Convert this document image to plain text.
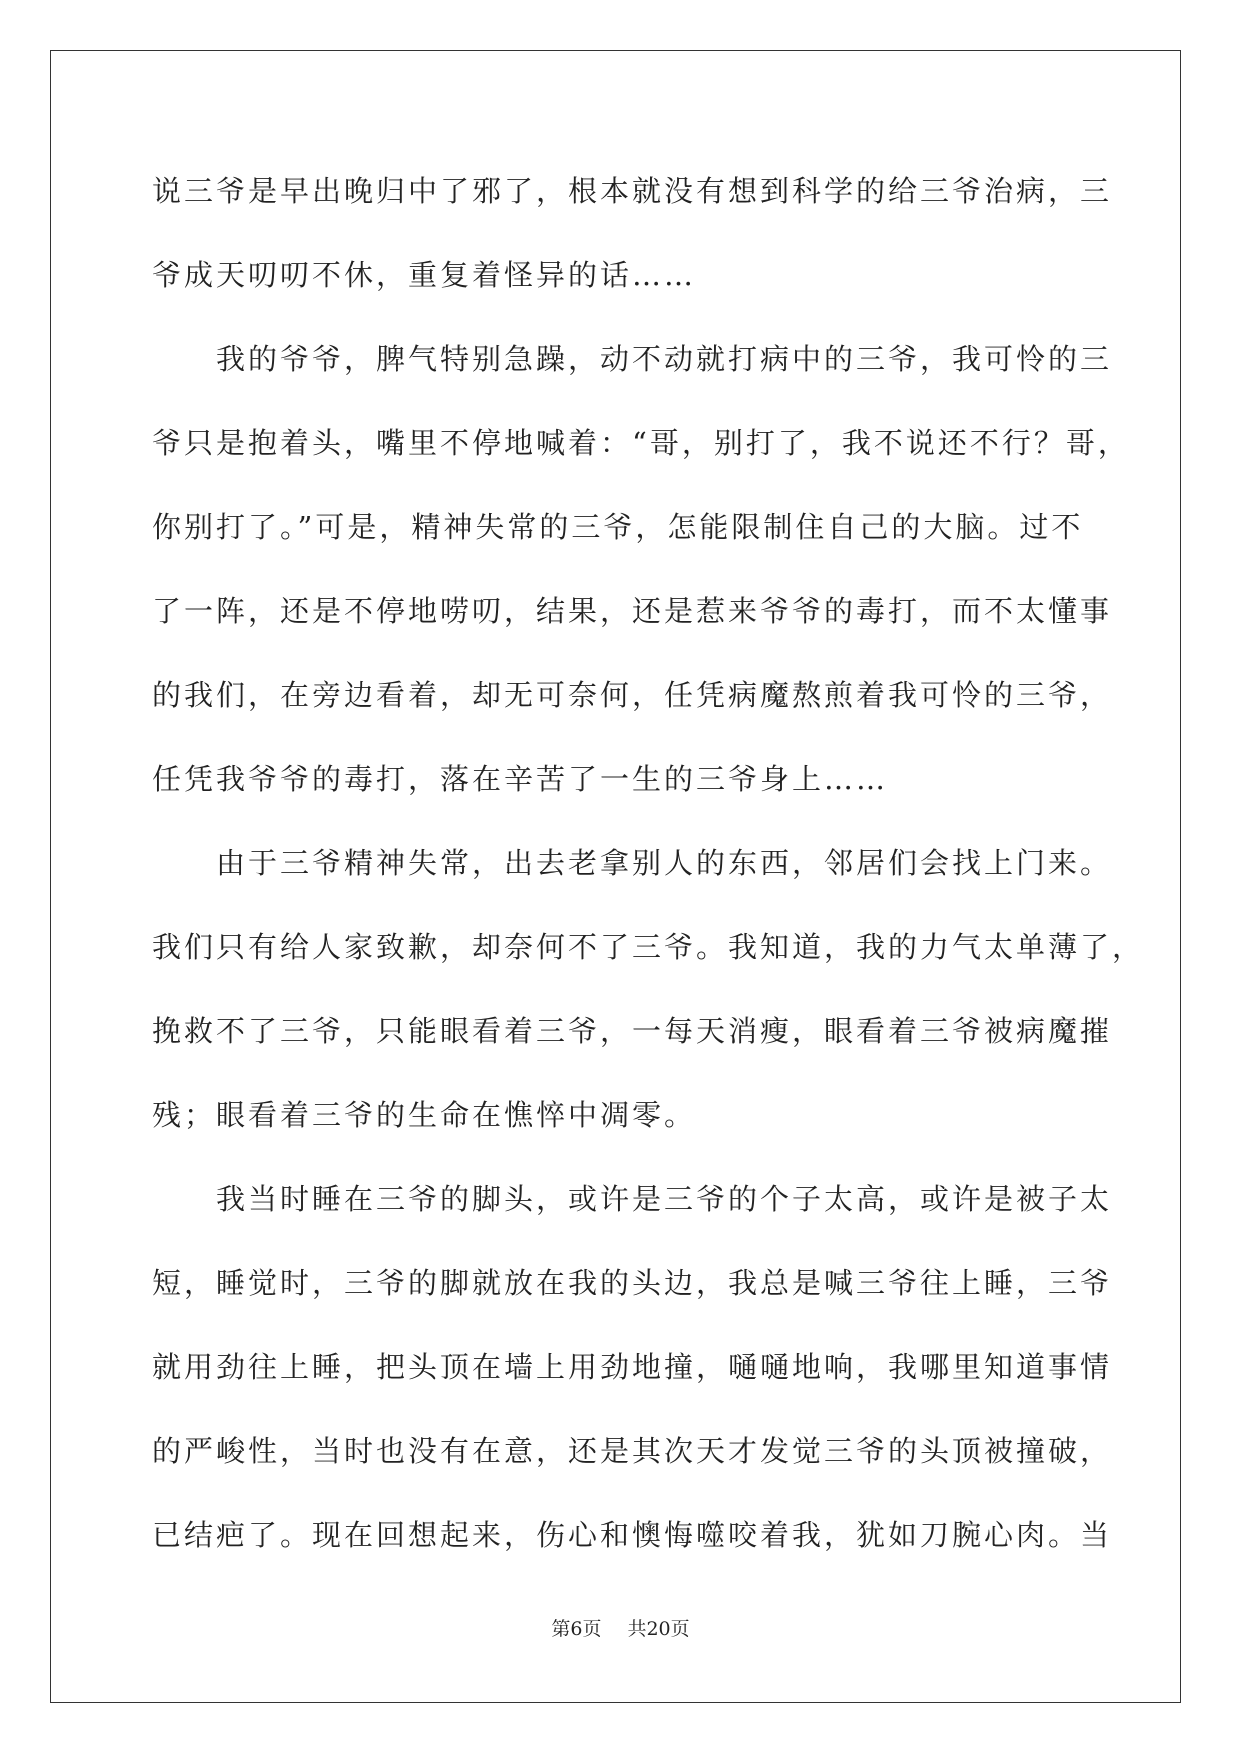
说三爷是早出晚归中了邪了，根本就没有想到科学的给三爷治病，三
爷成天叨叨不休，重复着怪异的话……
　　我的爷爷，脾气特别急躁，动不动就打病中的三爷，我可怜的三
爷只是抱着头，嘴里不停地喊着：“哥，别打了，我不说还不行？哥，
你别打了。”可是，精神失常的三爷，怎能限制住自己的大脑。过不
了一阵，还是不停地唠叨，结果，还是惹来爷爷的毒打，而不太懂事
的我们，在旁边看着，却无可奈何，任凭病魔熬煎着我可怜的三爷，
任凭我爷爷的毒打，落在辛苦了一生的三爷身上……
　　由于三爷精神失常，出去老拿别人的东西，邻居们会找上门来。
我们只有给人家致歉，却奈何不了三爷。我知道，我的力气太单薄了，
挽救不了三爷，只能眼看着三爷，一每天消瘦，眼看着三爷被病魔摧
残；眼看着三爷的生命在憔悴中凋零。
　　我当时睡在三爷的脚头，或许是三爷的个子太高，或许是被子太
短，睡觉时，三爷的脚就放在我的头边，我总是喊三爷往上睡，三爷
就用劲往上睡，把头顶在墙上用劲地撞，嗵嗵地响，我哪里知道事情
的严峻性，当时也没有在意，还是其次天才发觉三爷的头顶被撞破，
已结疤了。现在回想起来，伤心和懊悔噬咬着我，犹如刀腕心肉。当
第6页 共20页
